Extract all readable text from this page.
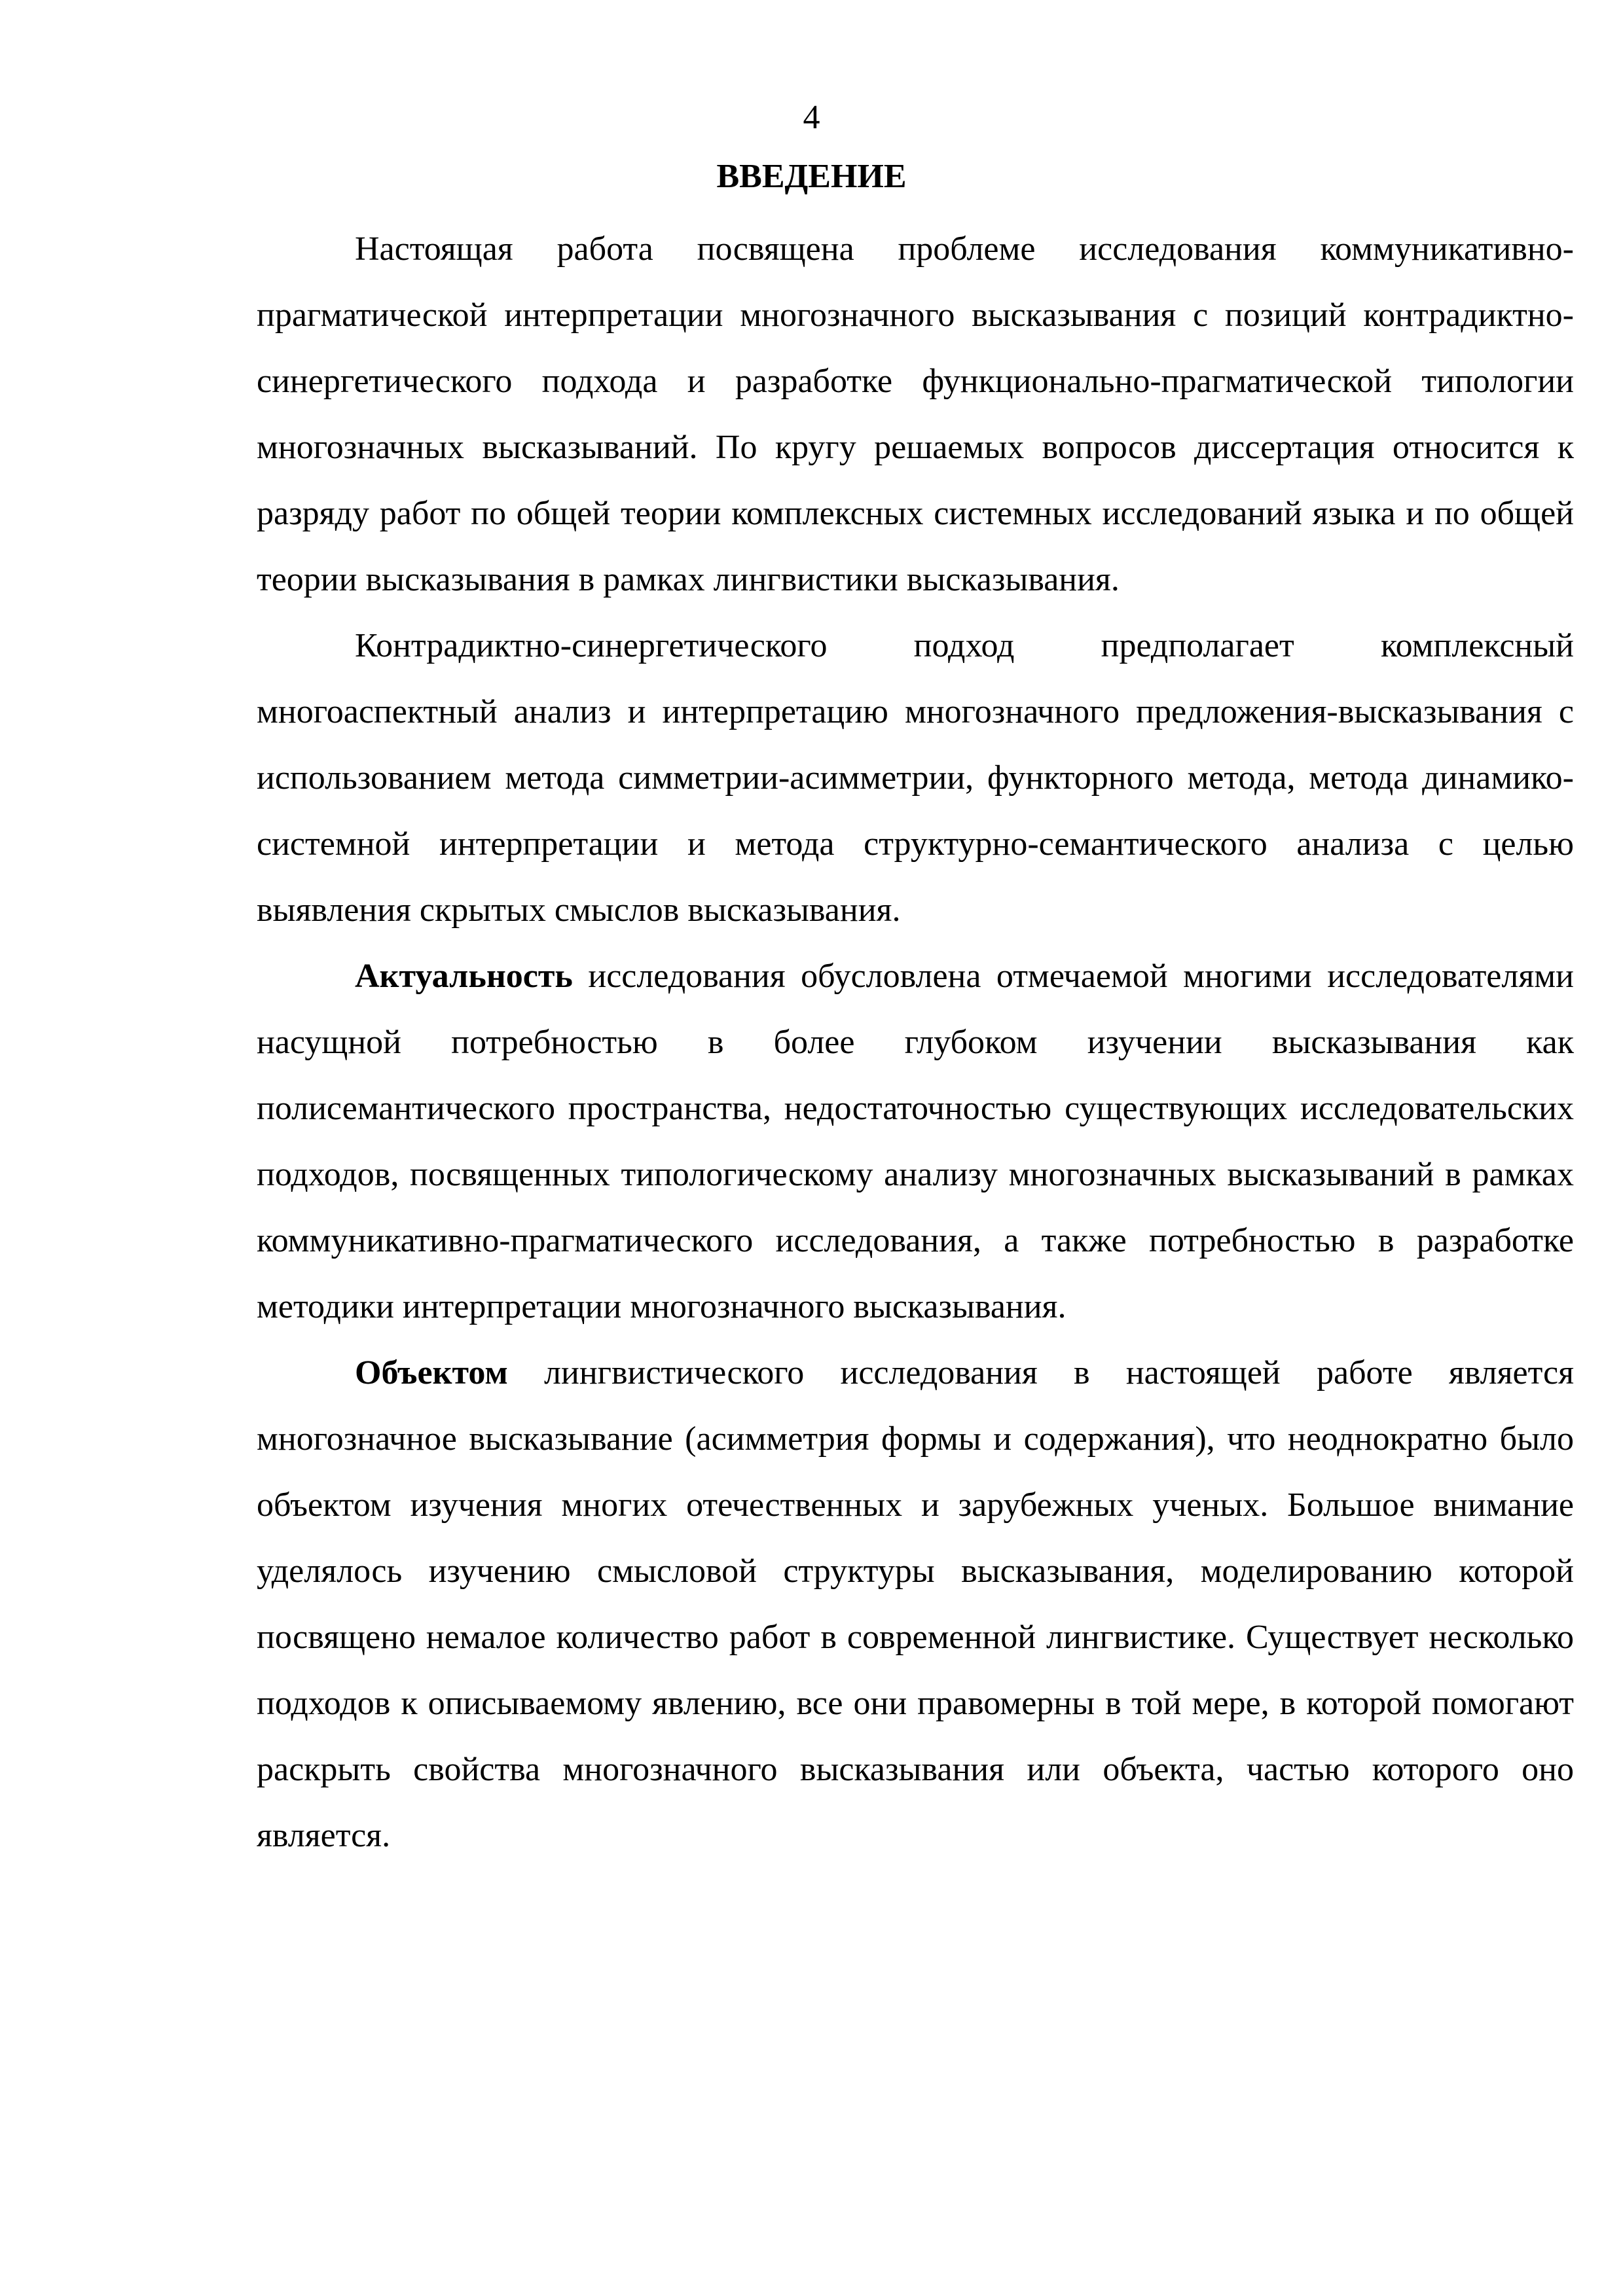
4
ВВЕДЕНИЕ

Настоящая работа посвящена проблеме исследования коммуникативно-прагматической интерпретации многозначного высказывания с позиций контрадиктно-синергетического подхода и разработке функционально-прагматической типологии многозначных высказываний. По кругу решаемых вопросов диссертация относится к разряду работ по общей теории комплексных системных исследований языка и по общей теории высказывания в рамках лингвистики высказывания.

Контрадиктно-синергетического подход предполагает комплексный многоаспектный анализ и интерпретацию многозначного предложения-высказывания с использованием метода симметрии-асимметрии, функторного метода, метода динамико-системной интерпретации и метода структурно-семантического анализа с целью выявления скрытых смыслов высказывания.

Актуальность исследования обусловлена отмечаемой многими исследователями насущной потребностью в более глубоком изучении высказывания как полисемантического пространства, недостаточностью существующих исследовательских подходов, посвященных типологическому анализу многозначных высказываний в рамках коммуникативно-прагматического исследования, а также потребностью в разработке методики интерпретации многозначного высказывания.

Объектом лингвистического исследования в настоящей работе является многозначное высказывание (асимметрия формы и содержания), что неоднократно было объектом изучения многих отечественных и зарубежных ученых. Большое внимание уделялось изучению смысловой структуры высказывания, моделированию которой посвящено немалое количество работ в современной лингвистике. Существует несколько подходов к описываемому явлению, все они правомерны в той мере, в которой помогают раскрыть свойства многозначного высказывания или объекта, частью которого оно является.
